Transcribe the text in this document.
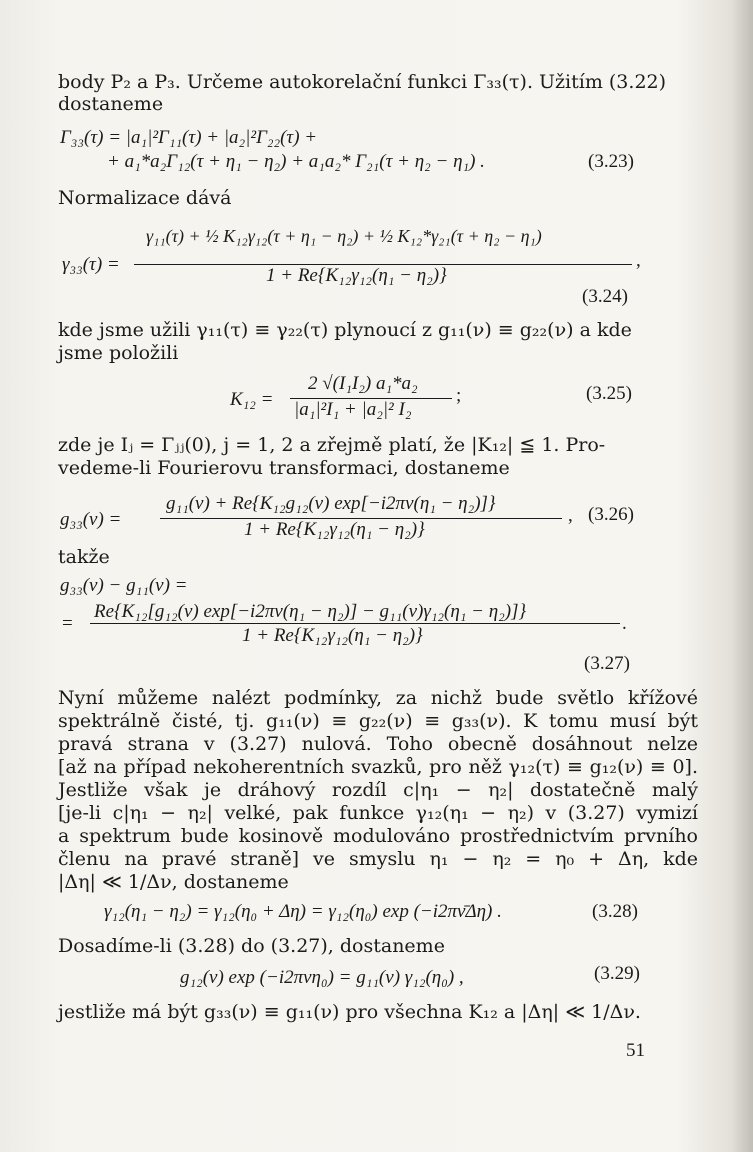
body P₂ a P₃. Určeme autokorelační funkci Γ₃₃(τ). Užitím (3.22)
dostaneme
Γ₃₃(τ) = |a₁|²Γ₁₁(τ) + |a₂|²Γ₂₂(τ) +
+ a₁*a₂Γ₁₂(τ + η₁ − η₂) + a₁a₂* Γ₂₁(τ + η₂ − η₁) .	(3.23)
Normalizace dává
γ₁₁(τ) + ½ K₁₂γ₁₂(τ + η₁ − η₂) + ½ K₁₂*γ₂₁(τ + η₂ − η₁)
γ₃₃(τ) =	,
1 + Re{K₁₂γ₁₂(η₁ − η₂)}
(3.24)
kde jsme užili γ₁₁(τ) ≡ γ₂₂(τ) plynoucí z g₁₁(ν) ≡ g₂₂(ν) a kde
jsme položili
2 √(I₁I₂) a₁*a₂
K₁₂ =	;
|a₁|²I₁ + |a₂|² I₂
(3.25)
zde je Iⱼ = Γⱼⱼ(0), j = 1, 2 a zřejmě platí, že |K₁₂| ≦ 1. Pro-
vedeme-li Fourierovu transformaci, dostaneme
g₁₁(ν) + Re{K₁₂g₁₂(ν) exp[−i2πν(η₁ − η₂)]}
g₃₃(ν) =	,
1 + Re{K₁₂γ₁₂(η₁ − η₂)}
(3.26)
takže
g₃₃(ν) − g₁₁(ν) =
=
Re{K₁₂[g₁₂(ν) exp[−i2πν(η₁ − η₂)] − g₁₁(ν)γ₁₂(η₁ − η₂)]}
.
1 + Re{K₁₂γ₁₂(η₁ − η₂)}
(3.27)
Nyní můžeme nalézt podmínky, za nichž bude světlo křížové
spektrálně čisté, tj. g₁₁(ν) ≡ g₂₂(ν) ≡ g₃₃(ν). K tomu musí být
pravá strana v (3.27) nulová. Toho obecně dosáhnout nelze
[až na případ nekoherentních svazků, pro něž γ₁₂(τ) ≡ g₁₂(ν) ≡ 0].
Jestliže však je dráhový rozdíl c|η₁ − η₂| dostatečně malý
[je-li c|η₁ − η₂| velké, pak funkce γ₁₂(η₁ − η₂) v (3.27) vymizí
a spektrum bude kosinově modulováno prostřednictvím prvního
členu na pravé straně] ve smyslu η₁ − η₂ = η₀ + Δη, kde
|Δη| ≪ 1/Δν, dostaneme
γ₁₂(η₁ − η₂) = γ₁₂(η₀ + Δη) = γ₁₂(η₀) exp (−i2πν̄Δη) .	(3.28)
Dosadíme-li (3.28) do (3.27), dostaneme
g₁₂(ν) exp (−i2πνη₀) = g₁₁(ν) γ₁₂(η₀) ,	(3.29)
jestliže má být g₃₃(ν) ≡ g₁₁(ν) pro všechna K₁₂ a |Δη| ≪ 1/Δν.
51
